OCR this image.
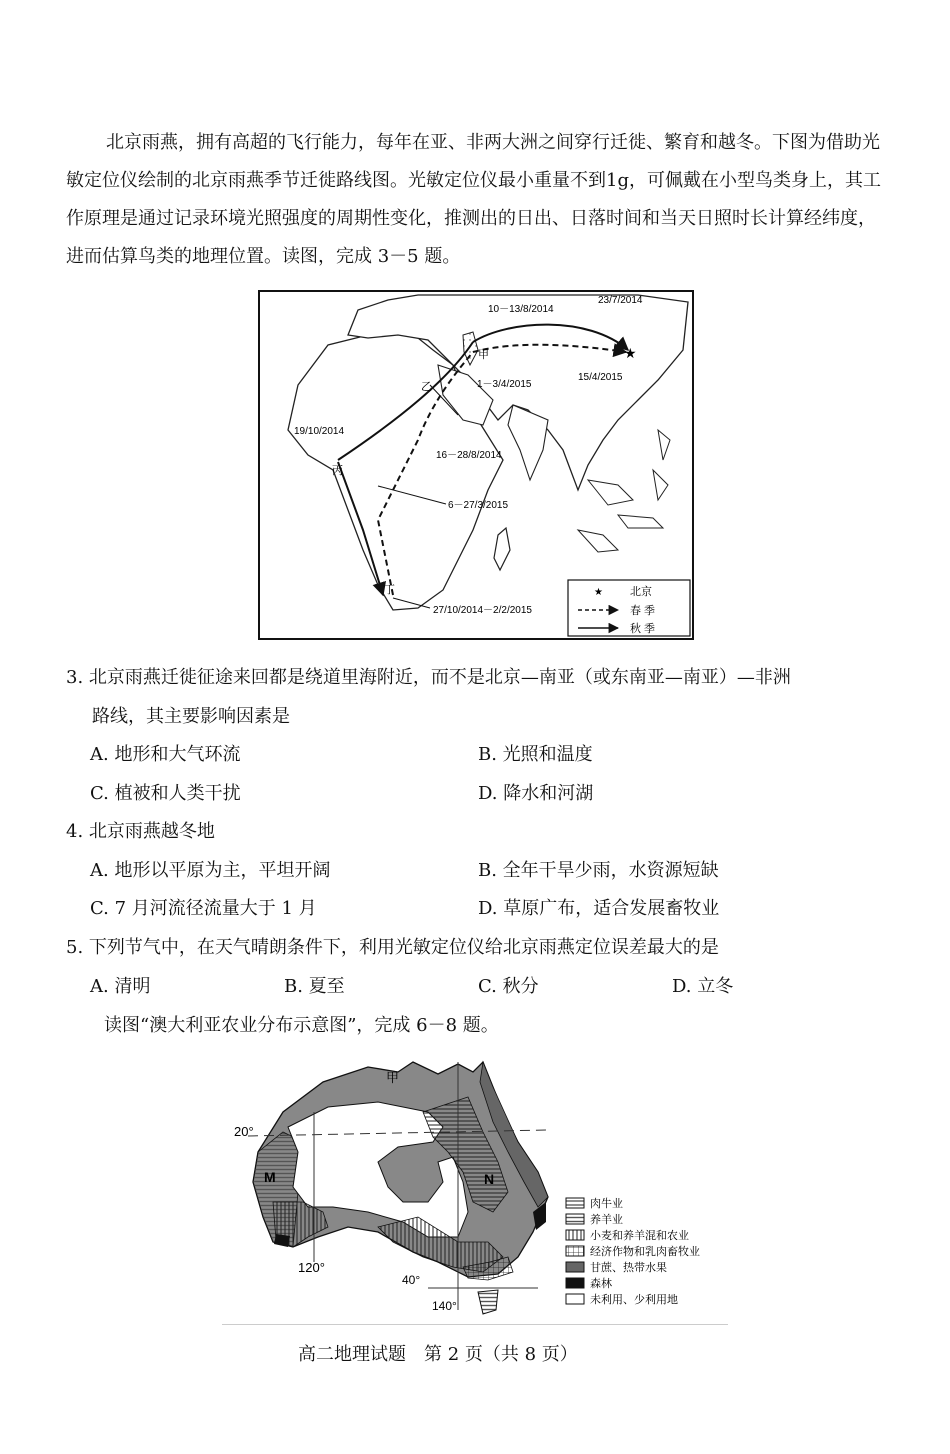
北京雨燕，拥有高超的飞行能力，每年在亚、非两大洲之间穿行迁徙、繁育和越冬。下图为借助光敏定位仪绘制的北京雨燕季节迁徙路线图。光敏定位仪最小重量不到1g，可佩戴在小型鸟类身上，其工作原理是通过记录环境光照强度的周期性变化，推测出的日出、日落时间和当天日照时长计算经纬度，进而估算鸟类的地理位置。读图，完成 3－5 题。
★
10－13/8/2014
23/7/2014
甲
1－3/4/2015
15/4/2015
乙
19/10/2014
16－28/8/2014
丙
6－27/3/2015
丁
27/10/2014－2/2/2015
★ 北京
春 季
秋 季
3. 北京雨燕迁徙征途来回都是绕道里海附近，而不是北京—南亚（或东南亚—南亚）—非洲
路线，其主要影响因素是
A. 地形和大气环流	B. 光照和温度
C. 植被和人类干扰	D. 降水和河湖
4. 北京雨燕越冬地
A. 地形以平原为主，平坦开阔	B. 全年干旱少雨，水资源短缺
C. 7 月河流径流量大于 1 月	D. 草原广布，适合发展畜牧业
5. 下列节气中，在天气晴朗条件下，利用光敏定位仪给北京雨燕定位误差最大的是
A. 清明	B. 夏至	C. 秋分	D. 立冬
读图“澳大利亚农业分布示意图”，完成 6－8 题。
甲
20°
M	N
120°
40°
140°
肉牛业
养羊业
小麦和养羊混和农业
经济作物和乳肉畜牧业
甘蔗、热带水果
森林
未利用、少利用地
高二地理试题　第 2 页（共 8 页）
